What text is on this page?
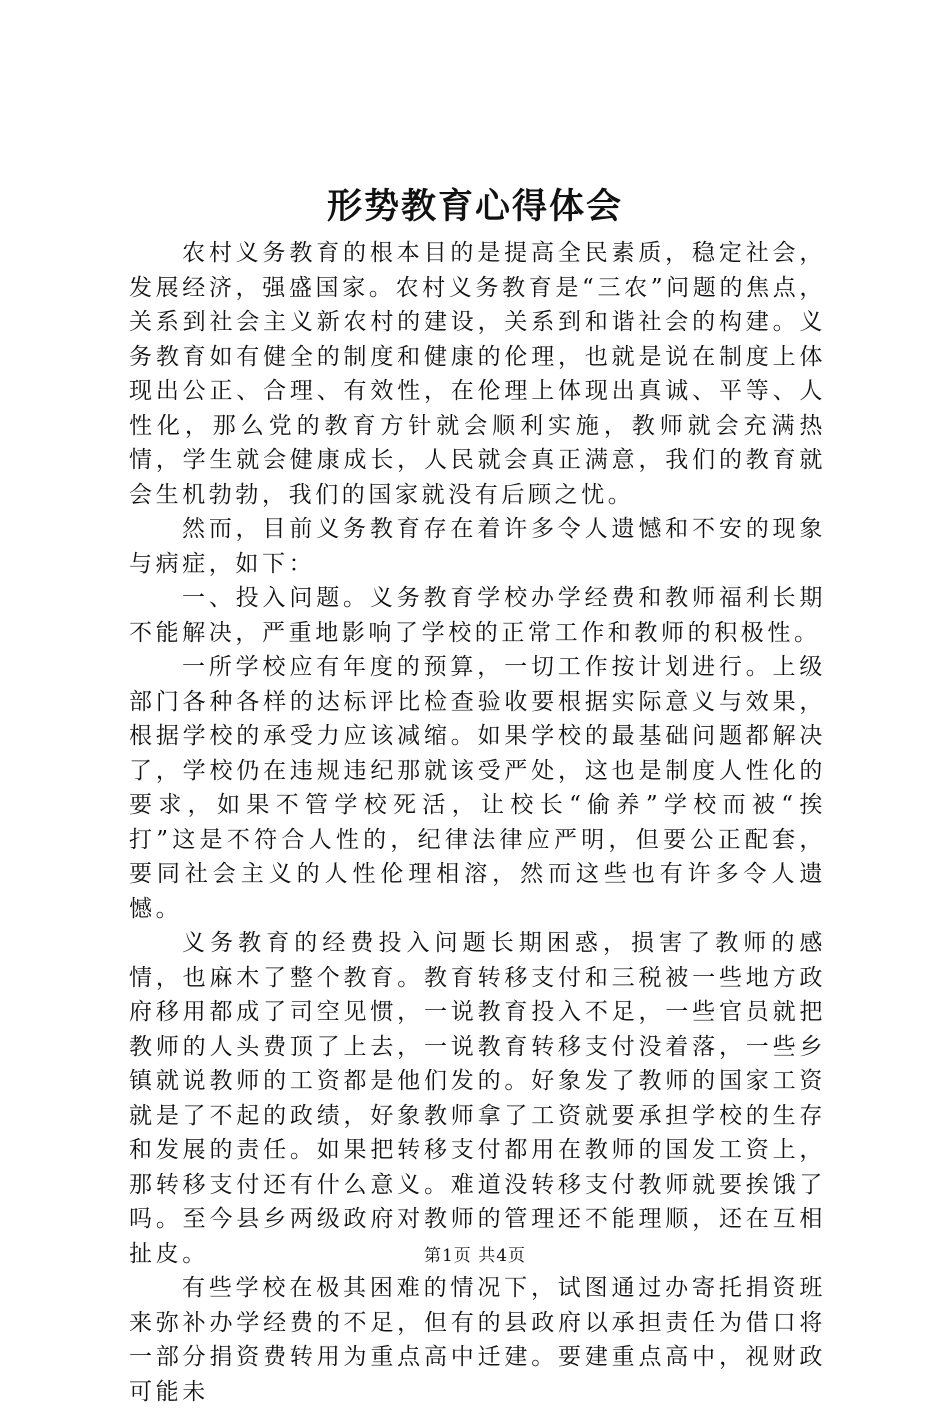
形势教育心得体会

农村义务教育的根本目的是提高全民素质，稳定社会，发展经济，强盛国家。农村义务教育是“三农”问题的焦点，关系到社会主义新农村的建设，关系到和谐社会的构建。义务教育如有健全的制度和健康的伦理，也就是说在制度上体现出公正、合理、有效性，在伦理上体现出真诚、平等、人性化，那么党的教育方针就会顺利实施，教师就会充满热情，学生就会健康成长，人民就会真正满意，我们的教育就会生机勃勃，我们的国家就没有后顾之忧。

然而，目前义务教育存在着许多令人遗憾和不安的现象与病症，如下：

一、投入问题。义务教育学校办学经费和教师福利长期不能解决，严重地影响了学校的正常工作和教师的积极性。

一所学校应有年度的预算，一切工作按计划进行。上级部门各种各样的达标评比检查验收要根据实际意义与效果，根据学校的承受力应该减缩。如果学校的最基础问题都解决了，学校仍在违规违纪那就该受严处，这也是制度人性化的要求，如果不管学校死活，让校长“偷养”学校而被“挨打”这是不符合人性的，纪律法律应严明，但要公正配套，要同社会主义的人性伦理相溶，然而这些也有许多令人遗憾。

义务教育的经费投入问题长期困惑，损害了教师的感情，也麻木了整个教育。教育转移支付和三税被一些地方政府移用都成了司空见惯，一说教育投入不足，一些官员就把教师的人头费顶了上去，一说教育转移支付没着落，一些乡镇就说教师的工资都是他们发的。好象发了教师的国家工资就是了不起的政绩，好象教师拿了工资就要承担学校的生存和发展的责任。如果把转移支付都用在教师的国发工资上，那转移支付还有什么意义。难道没转移支付教师就要挨饿了吗。至今县乡两级政府对教师的管理还不能理顺，还在互相扯皮。

有些学校在极其困难的情况下，试图通过办寄托捐资班来弥补办学经费的不足，但有的县政府以承担责任为借口将一部分捐资费转用为重点高中迁建。要建重点高中，视财政可能未

第1页 共4页
